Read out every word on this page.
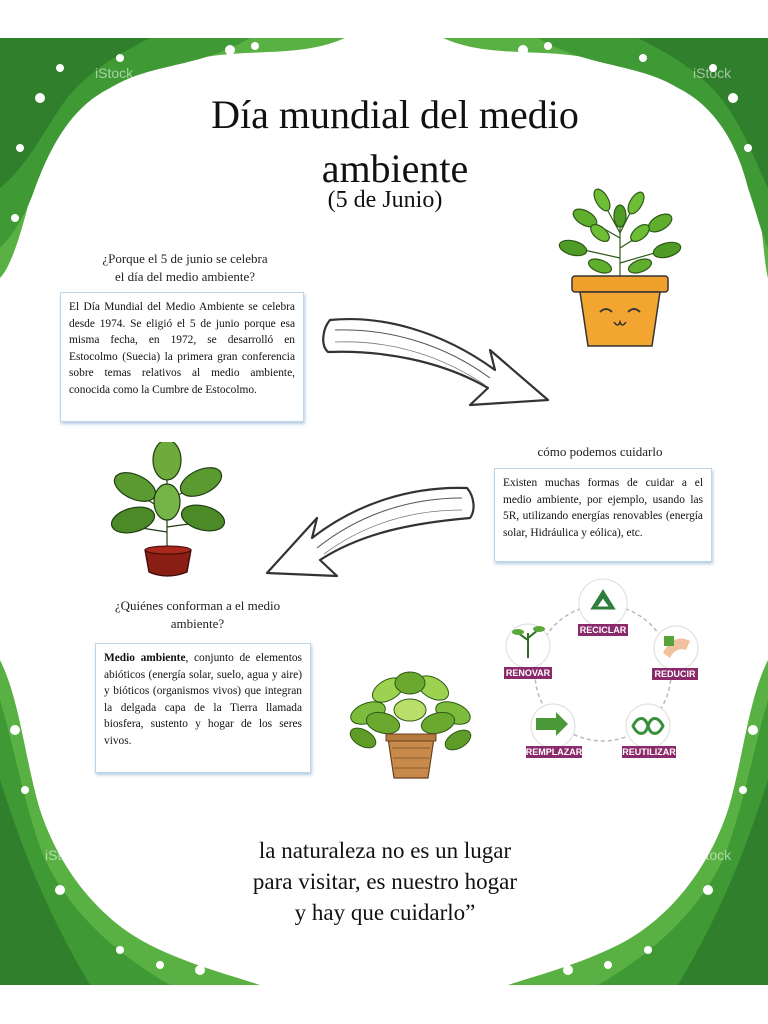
iStock	iStock
iStock	iStock
Día mundial del medio
ambiente
(5 de Junio)
¿Porque el 5 de junio se celebra
el día del medio ambiente?
El Día Mundial del Medio Ambiente se celebra desde 1974. Se eligió el 5 de junio porque esa misma fecha, en 1972, se desarrolló en Estocolmo (Suecia) la primera gran conferencia sobre temas relativos al medio ambiente, conocida como la Cumbre de Estocolmo.
cómo podemos cuidarlo
Existen muchas formas de cuidar a el medio ambiente, por ejemplo, usando las 5R, utilizando energías renovables (energía solar, Hidráulica y eólica), etc.
¿Quiénes conforman a el medio
ambiente?
Medio ambiente, conjunto de elementos abióticos (energía solar, suelo, agua y aire) y bióticos (organismos vivos) que integran la delgada capa de la Tierra llamada biosfera, sustento y hogar de los seres vivos.
RECICLAR
REDUCIR
REUTILIZAR
REMPLAZAR
RENOVAR
la naturaleza no es un lugar
para visitar, es nuestro hogar
y hay que cuidarlo”
